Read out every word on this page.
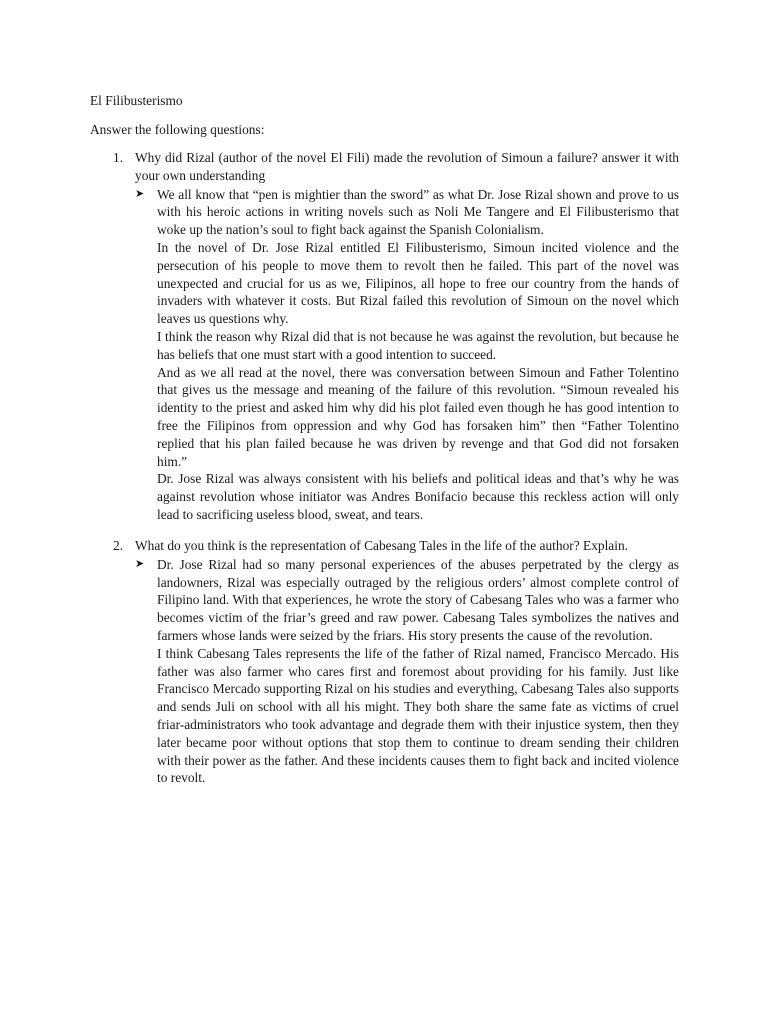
El Filibusterismo
Answer the following questions:
1. Why did Rizal (author of the novel El Fili) made the revolution of Simoun a failure? answer it with your own understanding
➤ We all know that “pen is mightier than the sword” as what Dr. Jose Rizal shown and prove to us with his heroic actions in writing novels such as Noli Me Tangere and El Filibusterismo that woke up the nation’s soul to fight back against the Spanish Colonialism.

In the novel of Dr. Jose Rizal entitled El Filibusterismo, Simoun incited violence and the persecution of his people to move them to revolt then he failed. This part of the novel was unexpected and crucial for us as we, Filipinos, all hope to free our country from the hands of invaders with whatever it costs. But Rizal failed this revolution of Simoun on the novel which leaves us questions why.

I think the reason why Rizal did that is not because he was against the revolution, but because he has beliefs that one must start with a good intention to succeed.

And as we all read at the novel, there was conversation between Simoun and Father Tolentino that gives us the message and meaning of the failure of this revolution. “Simoun revealed his identity to the priest and asked him why did his plot failed even though he has good intention to free the Filipinos from oppression and why God has forsaken him” then “Father Tolentino replied that his plan failed because he was driven by revenge and that God did not forsaken him.”

Dr. Jose Rizal was always consistent with his beliefs and political ideas and that’s why he was against revolution whose initiator was Andres Bonifacio because this reckless action will only lead to sacrificing useless blood, sweat, and tears.

2. What do you think is the representation of Cabesang Tales in the life of the author? Explain.
➤ Dr. Jose Rizal had so many personal experiences of the abuses perpetrated by the clergy as landowners, Rizal was especially outraged by the religious orders’ almost complete control of Filipino land. With that experiences, he wrote the story of Cabesang Tales who was a farmer who becomes victim of the friar’s greed and raw power. Cabesang Tales symbolizes the natives and farmers whose lands were seized by the friars. His story presents the cause of the revolution.

I think Cabesang Tales represents the life of the father of Rizal named, Francisco Mercado. His father was also farmer who cares first and foremost about providing for his family. Just like Francisco Mercado supporting Rizal on his studies and everything, Cabesang Tales also supports and sends Juli on school with all his might. They both share the same fate as victims of cruel friar-administrators who took advantage and degrade them with their injustice system, then they later became poor without options that stop them to continue to dream sending their children with their power as the father. And these incidents causes them to fight back and incited violence to revolt.
